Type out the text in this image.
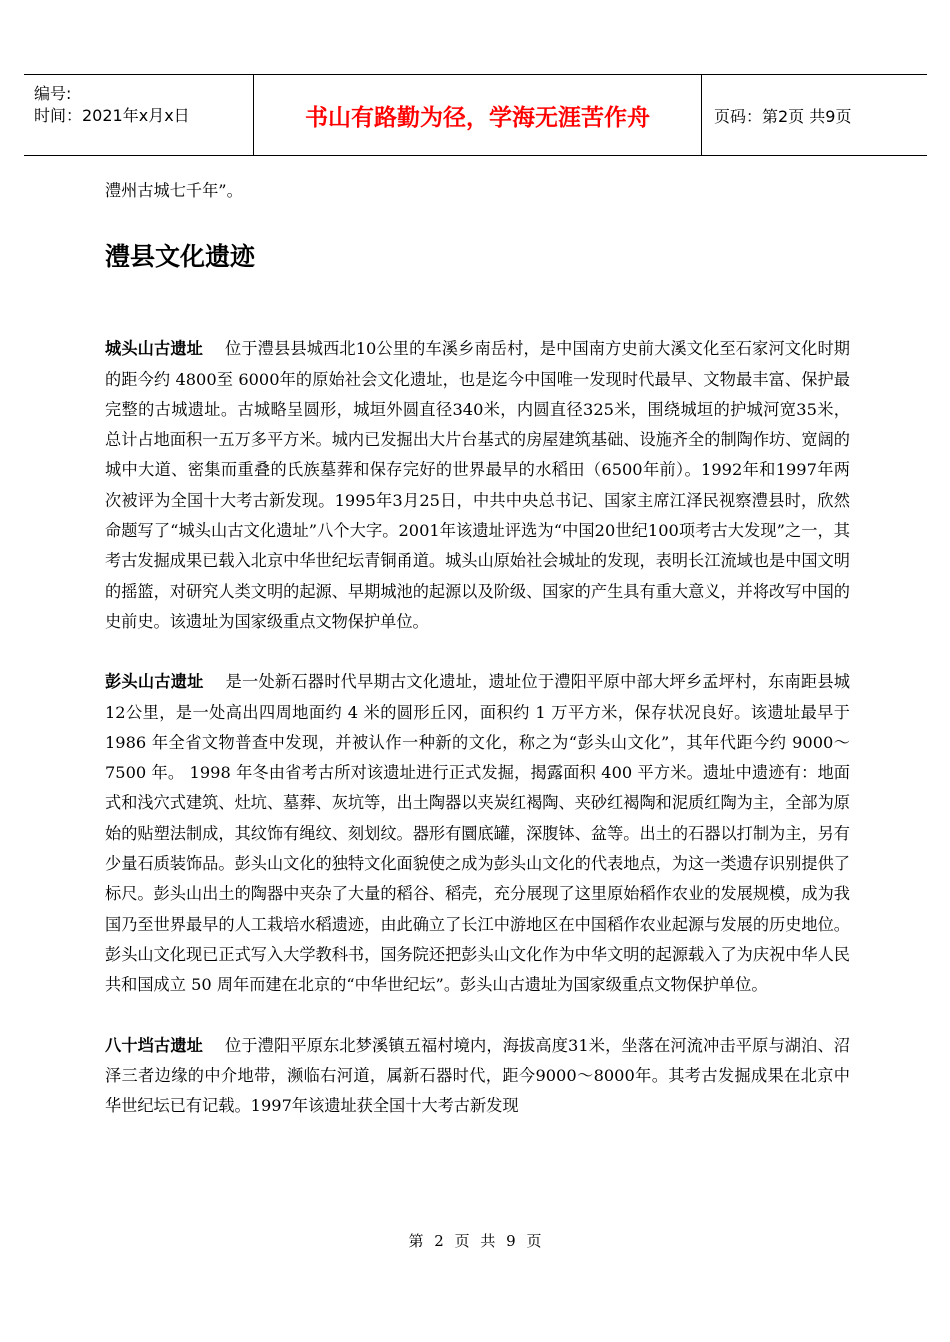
编号:
时间：2021年x月x日	书山有路勤为径，学海无涯苦作舟	页码：第2页 共9页

澧州古城七千年”。

澧县文化遗迹

城头山古遗址 位于澧县县城西北10公里的车溪乡南岳村，是中国南方史前大溪文化至石家河文化时期的距今约 4800至 6000年的原始社会文化遗址，也是迄今中国唯一发现时代最早、文物最丰富、保护最完整的古城遗址。古城略呈圆形，城垣外圆直径340米，内圆直径325米，围绕城垣的护城河宽35米，总计占地面积一五万多平方米。城内已发掘出大片台基式的房屋建筑基础、设施齐全的制陶作坊、宽阔的城中大道、密集而重叠的氏族墓葬和保存完好的世界最早的水稻田（6500年前）。1992年和1997年两次被评为全国十大考古新发现。1995年3月25日，中共中央总书记、国家主席江泽民视察澧县时，欣然命题写了“城头山古文化遗址”八个大字。2001年该遗址评选为“中国20世纪100项考古大发现”之一，其考古发掘成果已载入北京中华世纪坛青铜甬道。城头山原始社会城址的发现，表明长江流域也是中国文明的摇篮，对研究人类文明的起源、早期城池的起源以及阶级、国家的产生具有重大意义，并将改写中国的史前史。该遗址为国家级重点文物保护单位。

彭头山古遗址 是一处新石器时代早期古文化遗址，遗址位于澧阳平原中部大坪乡孟坪村，东南距县城12公里，是一处高出四周地面约 4 米的圆形丘冈，面积约 1 万平方米，保存状况良好。该遗址最早于 1986 年全省文物普查中发现，并被认作一种新的文化，称之为“彭头山文化”，其年代距今约 9000～7500 年。 1998 年冬由省考古所对该遗址进行正式发掘，揭露面积 400 平方米。遗址中遗迹有：地面式和浅穴式建筑、灶坑、墓葬、灰坑等，出土陶器以夹炭红褐陶、夹砂红褐陶和泥质红陶为主，全部为原始的贴塑法制成，其纹饰有绳纹、刻划纹。器形有圜底罐，深腹钵、盆等。出土的石器以打制为主，另有少量石质装饰品。彭头山文化的独特文化面貌使之成为彭头山文化的代表地点，为这一类遗存识别提供了标尺。彭头山出土的陶器中夹杂了大量的稻谷、稻壳，充分展现了这里原始稻作农业的发展规模，成为我国乃至世界最早的人工栽培水稻遗迹，由此确立了长江中游地区在中国稻作农业起源与发展的历史地位。彭头山文化现已正式写入大学教科书，国务院还把彭头山文化作为中华文明的起源载入了为庆祝中华人民共和国成立 50 周年而建在北京的“中华世纪坛”。彭头山古遗址为国家级重点文物保护单位。

八十垱古遗址 位于澧阳平原东北梦溪镇五福村境内，海拔高度31米，坐落在河流冲击平原与湖泊、沼泽三者边缘的中介地带，濒临右河道，属新石器时代，距今9000～8000年。其考古发掘成果在北京中华世纪坛已有记载。1997年该遗址获全国十大考古新发现

第 2 页 共 9 页
